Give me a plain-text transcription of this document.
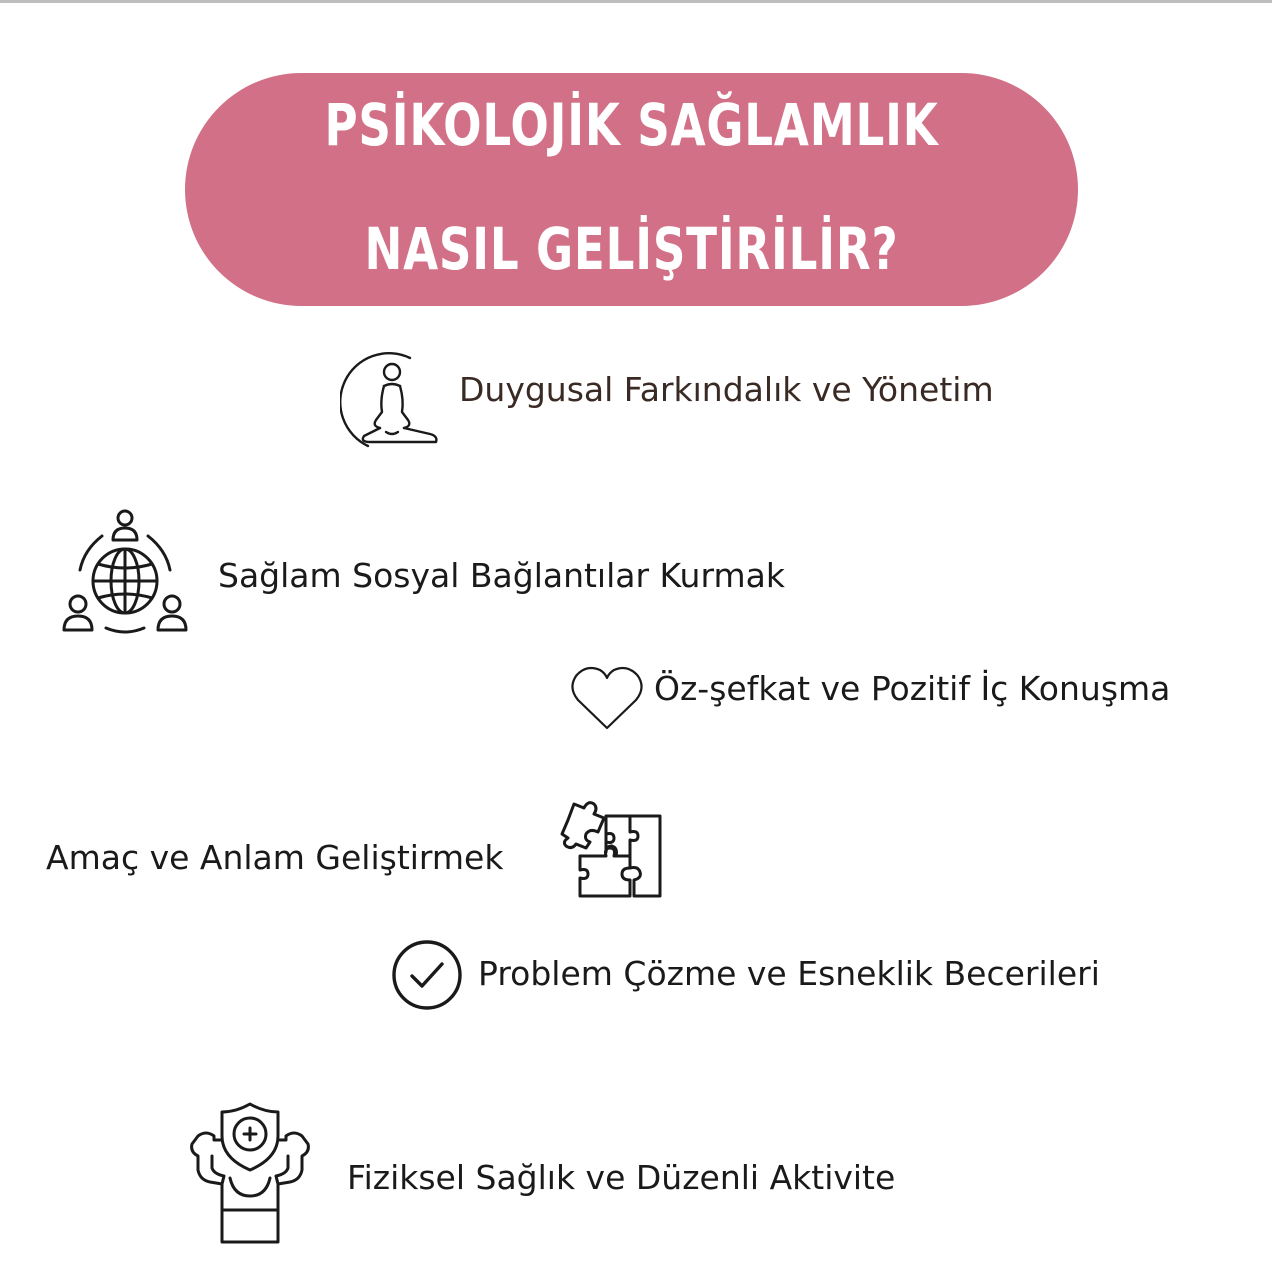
PSİKOLOJİK SAĞLAMLIK
NASIL GELİŞTİRİLİR?
Duygusal Farkındalık ve Yönetim
Sağlam Sosyal Bağlantılar Kurmak
Öz-şefkat ve Pozitif İç Konuşma
Amaç ve Anlam Geliştirmek
Problem Çözme ve Esneklik Becerileri
Fiziksel Sağlık ve Düzenli Aktivite
